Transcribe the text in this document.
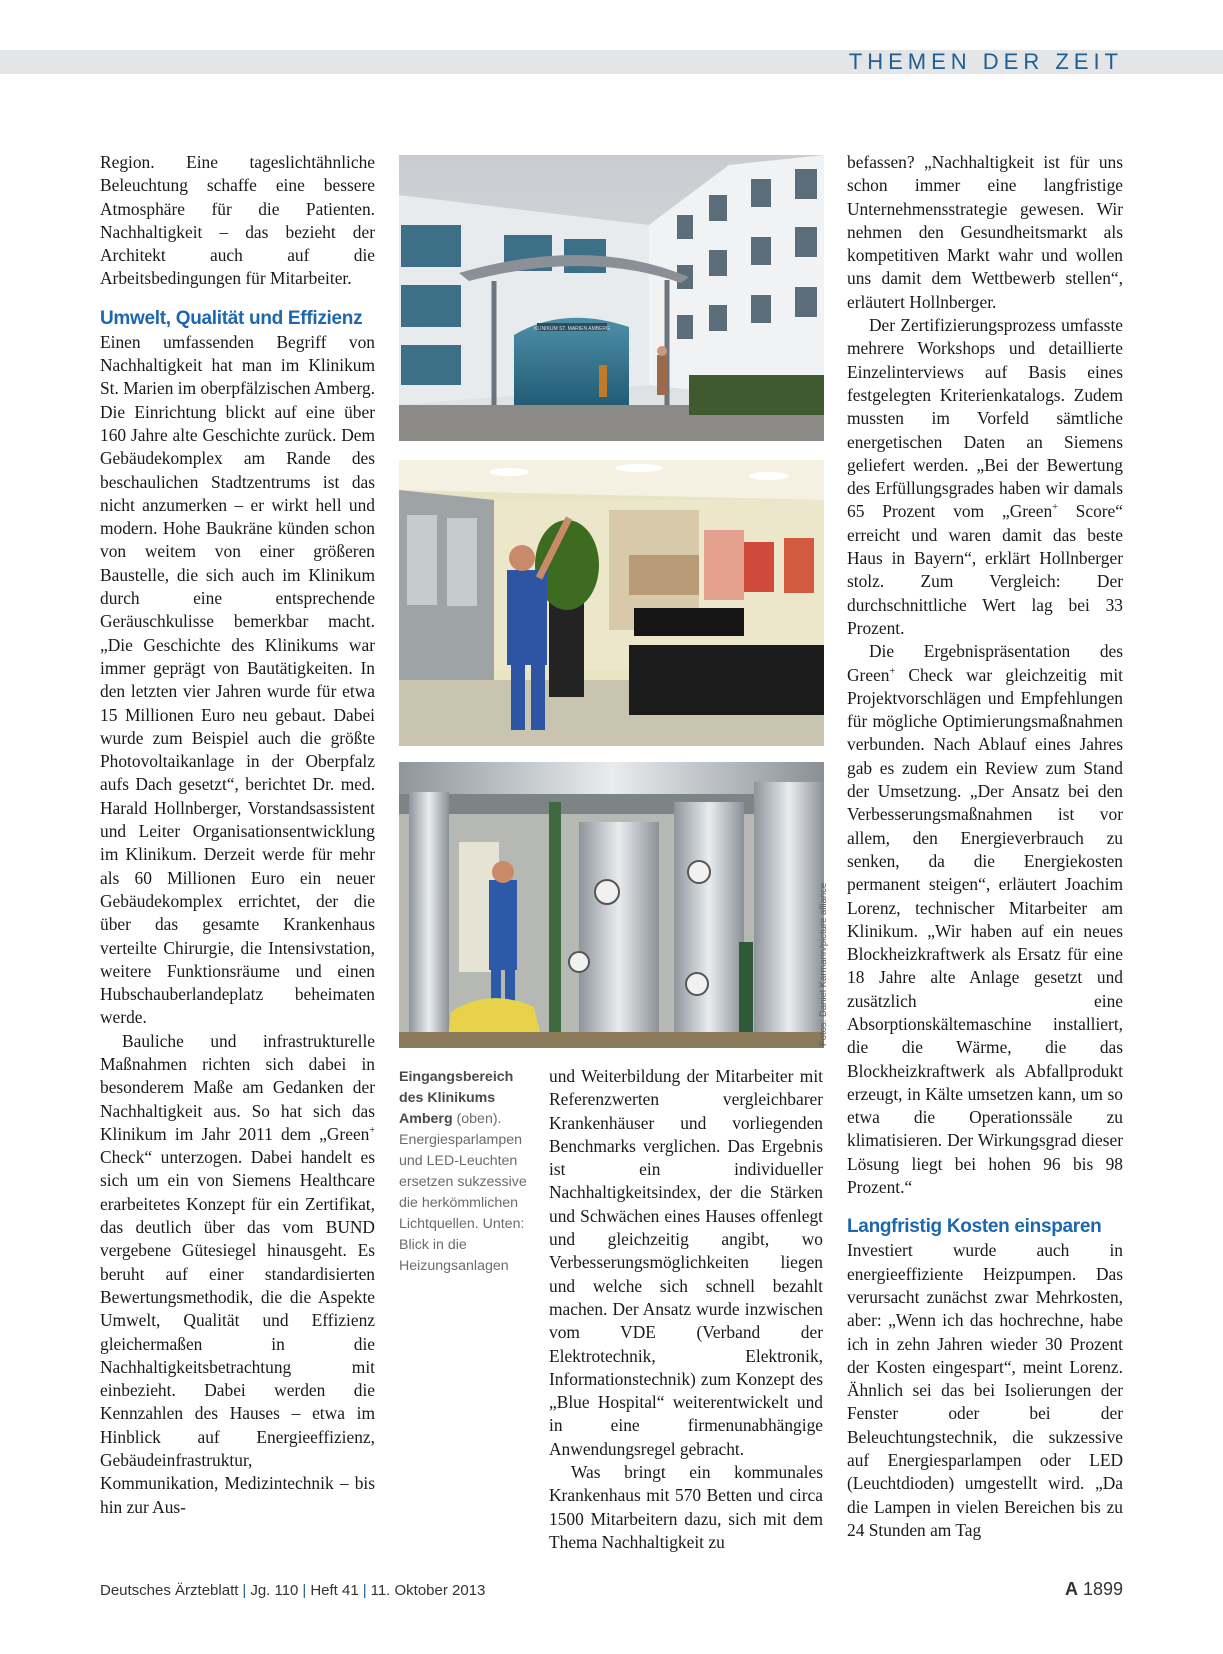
THEMEN DER ZEIT

Region. Eine tageslichtähnliche Beleuchtung schaffe eine bessere Atmosphäre für die Patienten. Nachhaltigkeit – das bezieht der Architekt auch auf die Arbeitsbedingungen für Mitarbeiter.

Umwelt, Qualität und Effizienz

Einen umfassenden Begriff von Nachhaltigkeit hat man im Klinikum St. Marien im oberpfälzischen Amberg. Die Einrichtung blickt auf eine über 160 Jahre alte Geschichte zurück. Dem Gebäudekomplex am Rande des beschaulichen Stadtzentrums ist das nicht anzumerken – er wirkt hell und modern. Hohe Baukräne künden schon von weitem von einer größeren Baustelle, die sich auch im Klinikum durch eine entsprechende Geräuschkulisse bemerkbar macht. „Die Geschichte des Klinikums war immer geprägt von Bautätigkeiten. In den letzten vier Jahren wurde für etwa 15 Millionen Euro neu gebaut. Dabei wurde zum Beispiel auch die größte Photovoltaikanlage in der Oberpfalz aufs Dach gesetzt“, berichtet Dr. med. Harald Hollnberger, Vorstandsassistent und Leiter Organisationsentwicklung im Klinikum. Derzeit werde für mehr als 60 Millionen Euro ein neuer Gebäudekomplex errichtet, der die über das gesamte Krankenhaus verteilte Chirurgie, die Intensivstation, weitere Funktionsräume und einen Hubschauberlandeplatz beheimaten werde.

Bauliche und infrastrukturelle Maßnahmen richten sich dabei in besonderem Maße am Gedanken der Nachhaltigkeit aus. So hat sich das Klinikum im Jahr 2011 dem „Green+ Check“ unterzogen. Dabei handelt es sich um ein von Siemens Healthcare erarbeitetes Konzept für ein Zertifikat, das deutlich über das vom BUND vergebene Gütesiegel hinausgeht. Es beruht auf einer standardisierten Bewertungsmethodik, die die Aspekte Umwelt, Qualität und Effizienz gleichermaßen in die Nachhaltigkeitsbetrachtung mit einbezieht. Dabei werden die Kennzahlen des Hauses – etwa im Hinblick auf Energieeffizienz, Gebäudeinfrastruktur, Kommunikation, Medizintechnik – bis hin zur Aus-

KLINIKUM ST. MARIEN AMBERG
Fotos: Daniel Karmann/picture alliance
Eingangsbereich des Klinikums Amberg (oben). Energiesparlampen und LED-Leuchten ersetzen sukzessive die herkömmlichen Lichtquellen. Unten: Blick in die Heizungsanlagen

und Weiterbildung der Mitarbeiter mit Referenzwerten vergleichbarer Krankenhäuser und vorliegenden Benchmarks verglichen. Das Ergebnis ist ein individueller Nachhaltigkeitsindex, der die Stärken und Schwächen eines Hauses offenlegt und gleichzeitig angibt, wo Verbesserungsmöglichkeiten liegen und welche sich schnell bezahlt machen. Der Ansatz wurde inzwischen vom VDE (Verband der Elektrotechnik, Elektronik, Informationstechnik) zum Konzept des „Blue Hospital“ weiterentwickelt und in eine firmenunabhängige Anwendungsregel gebracht.

Was bringt ein kommunales Krankenhaus mit 570 Betten und circa 1500 Mitarbeitern dazu, sich mit dem Thema Nachhaltigkeit zu

befassen? „Nachhaltigkeit ist für uns schon immer eine langfristige Unternehmensstrategie gewesen. Wir nehmen den Gesundheitsmarkt als kompetitiven Markt wahr und wollen uns damit dem Wettbewerb stellen“, erläutert Hollnberger.

Der Zertifizierungsprozess umfasste mehrere Workshops und detaillierte Einzelinterviews auf Basis eines festgelegten Kriterienkatalogs. Zudem mussten im Vorfeld sämtliche energetischen Daten an Siemens geliefert werden. „Bei der Bewertung des Erfüllungsgrades haben wir damals 65 Prozent vom „Green+ Score“ erreicht und waren damit das beste Haus in Bayern“, erklärt Hollnberger stolz. Zum Vergleich: Der durchschnittliche Wert lag bei 33 Prozent.

Die Ergebnispräsentation des Green+ Check war gleichzeitig mit Projektvorschlägen und Empfehlungen für mögliche Optimierungsmaßnahmen verbunden. Nach Ablauf eines Jahres gab es zudem ein Review zum Stand der Umsetzung. „Der Ansatz bei den Verbesserungsmaßnahmen ist vor allem, den Energieverbrauch zu senken, da die Energiekosten permanent steigen“, erläutert Joachim Lorenz, technischer Mitarbeiter am Klinikum. „Wir haben auf ein neues Blockheizkraftwerk als Ersatz für eine 18 Jahre alte Anlage gesetzt und zusätzlich eine Absorptionskältemaschine installiert, die die Wärme, die das Blockheizkraftwerk als Abfallprodukt erzeugt, in Kälte umsetzen kann, um so etwa die Operationssäle zu klimatisieren. Der Wirkungsgrad dieser Lösung liegt bei hohen 96 bis 98 Prozent.“

Langfristig Kosten einsparen

Investiert wurde auch in energieeffiziente Heizpumpen. Das verursacht zunächst zwar Mehrkosten, aber: „Wenn ich das hochrechne, habe ich in zehn Jahren wieder 30 Prozent der Kosten eingespart“, meint Lorenz. Ähnlich sei das bei Isolierungen der Fenster oder bei der Beleuchtungstechnik, die sukzessive auf Energiesparlampen oder LED (Leuchtdioden) umgestellt wird. „Da die Lampen in vielen Bereichen bis zu 24 Stunden am Tag

Deutsches Ärzteblatt | Jg. 110 | Heft 41 | 11. Oktober 2013	A 1899
